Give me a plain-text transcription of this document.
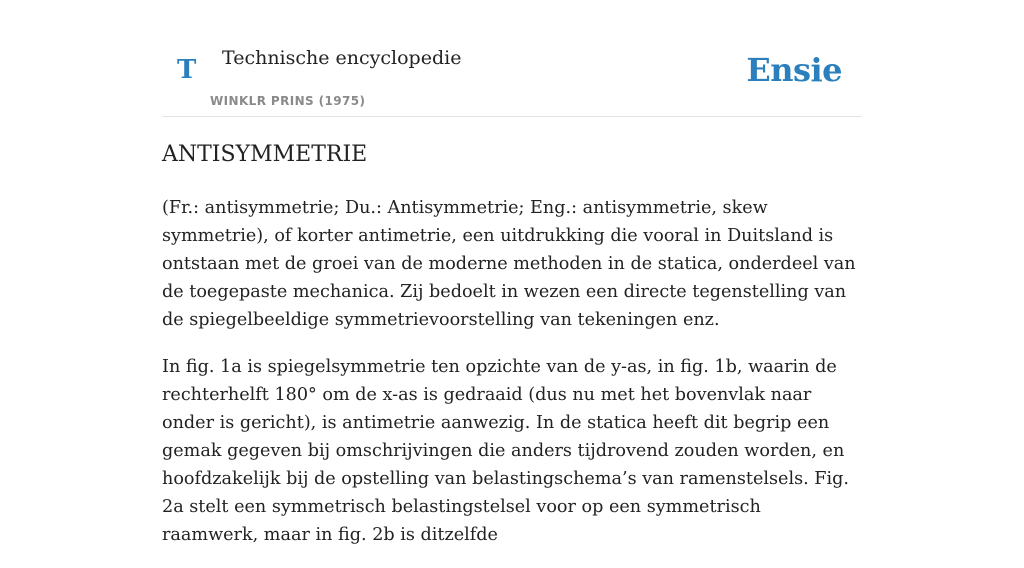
T Technische encyclopedie
WINKLR PRINS (1975)
Ensie
ANTISYMMETRIE

(Fr.: antisymmetrie; Du.: Antisymmetrie; Eng.: antisymmetrie, skew symmetrie), of korter antimetrie, een uitdrukking die vooral in Duitsland is ontstaan met de groei van de moderne methoden in de statica, onderdeel van de toegepaste mechanica. Zij bedoelt in wezen een directe tegenstelling van de spiegelbeeldige symmetrievoorstelling van tekeningen enz.

In fig. 1a is spiegelsymmetrie ten opzichte van de y-as, in fig. 1b, waarin de rechterhelft 180° om de x-as is gedraaid (dus nu met het bovenvlak naar onder is gericht), is antimetrie aanwezig. In de statica heeft dit begrip een gemak gegeven bij omschrijvingen die anders tijdrovend zouden worden, en hoofdzakelijk bij de opstelling van belastingschema’s van ramenstelsels. Fig. 2a stelt een symmetrisch belastingstelsel voor op een symmetrisch raamwerk, maar in fig. 2b is ditzelfde
